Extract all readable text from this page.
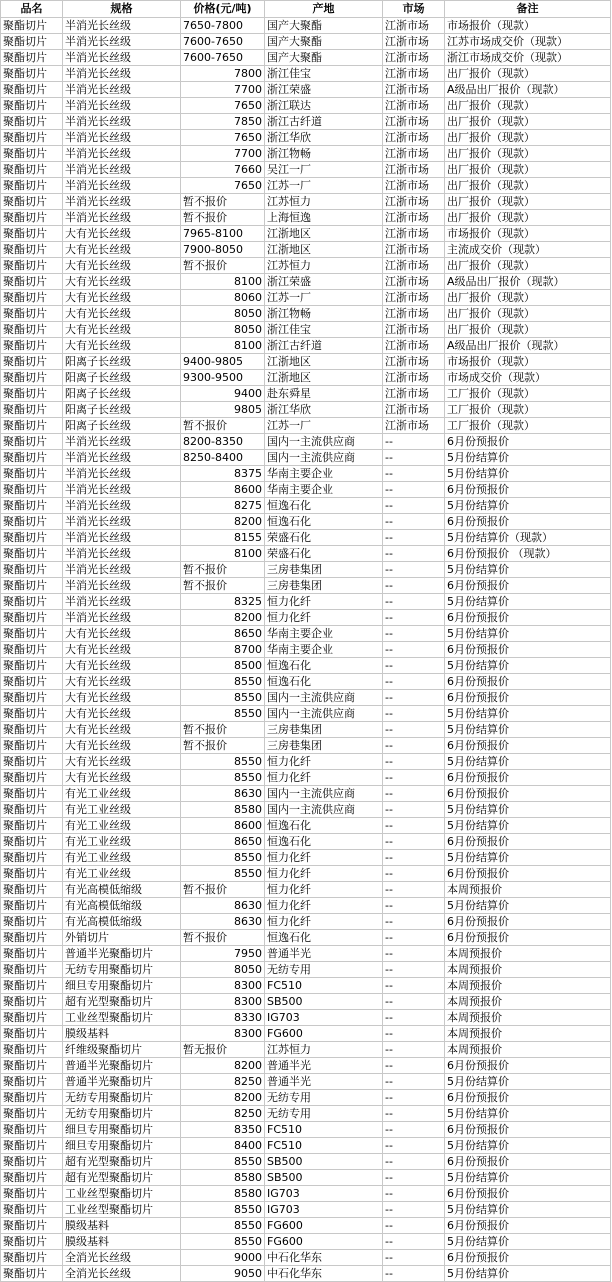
品名	规格	价格(元/吨)	产地	市场	备注
聚酯切片	半消光长丝级	7650-7800	国产大聚酯	江浙市场	市场报价（现款）
聚酯切片	半消光长丝级	7600-7650	国产大聚酯	江浙市场	江苏市场成交价（现款）
聚酯切片	半消光长丝级	7600-7650	国产大聚酯	江浙市场	浙江市场成交价（现款）
聚酯切片	半消光长丝级	7800	浙江佳宝	江浙市场	出厂报价（现款）
聚酯切片	半消光长丝级	7700	浙江荣盛	江浙市场	A级品出厂报价（现款）
聚酯切片	半消光长丝级	7650	浙江联达	江浙市场	出厂报价（现款）
聚酯切片	半消光长丝级	7850	浙江古纤道	江浙市场	出厂报价（现款）
聚酯切片	半消光长丝级	7650	浙江华欣	江浙市场	出厂报价（现款）
聚酯切片	半消光长丝级	7700	浙江物畅	江浙市场	出厂报价（现款）
聚酯切片	半消光长丝级	7660	吴江一厂	江浙市场	出厂报价（现款）
聚酯切片	半消光长丝级	7650	江苏一厂	江浙市场	出厂报价（现款）
聚酯切片	半消光长丝级	暂不报价	江苏恒力	江浙市场	出厂报价（现款）
聚酯切片	半消光长丝级	暂不报价	上海恒逸	江浙市场	出厂报价（现款）
聚酯切片	大有光长丝级	7965-8100	江浙地区	江浙市场	市场报价（现款）
聚酯切片	大有光长丝级	7900-8050	江浙地区	江浙市场	主流成交价（现款）
聚酯切片	大有光长丝级	暂不报价	江苏恒力	江浙市场	出厂报价（现款）
聚酯切片	大有光长丝级	8100	浙江荣盛	江浙市场	A级品出厂报价（现款）
聚酯切片	大有光长丝级	8060	江苏一厂	江浙市场	出厂报价（现款）
聚酯切片	大有光长丝级	8050	浙江物畅	江浙市场	出厂报价（现款）
聚酯切片	大有光长丝级	8050	浙江佳宝	江浙市场	出厂报价（现款）
聚酯切片	大有光长丝级	8100	浙江古纤道	江浙市场	A级品出厂报价（现款）
聚酯切片	阳离子长丝级	9400-9805	江浙地区	江浙市场	市场报价（现款）
聚酯切片	阳离子长丝级	9300-9500	江浙地区	江浙市场	市场成交价（现款）
聚酯切片	阳离子长丝级	9400	赴东舜星	江浙市场	工厂报价（现款）
聚酯切片	阳离子长丝级	9805	浙江华欣	江浙市场	工厂报价（现款）
聚酯切片	阳离子长丝级	暂不报价	江苏一厂	江浙市场	工厂报价（现款）
聚酯切片	半消光长丝级	8200-8350	国内一主流供应商	--	6月份预报价
聚酯切片	半消光长丝级	8250-8400	国内一主流供应商	--	5月份结算价
聚酯切片	半消光长丝级	8375	华南主要企业	--	5月份结算价
聚酯切片	半消光长丝级	8600	华南主要企业	--	6月份预报价
聚酯切片	半消光长丝级	8275	恒逸石化	--	5月份结算价
聚酯切片	半消光长丝级	8200	恒逸石化	--	6月份预报价
聚酯切片	半消光长丝级	8155	荣盛石化	--	5月份结算价（现款）
聚酯切片	半消光长丝级	8100	荣盛石化	--	6月份预报价 （现款）
聚酯切片	半消光长丝级	暂不报价	三房巷集团	--	5月份结算价
聚酯切片	半消光长丝级	暂不报价	三房巷集团	--	6月份预报价
聚酯切片	半消光长丝级	8325	恒力化纤	--	5月份结算价
聚酯切片	半消光长丝级	8200	恒力化纤	--	6月份预报价
聚酯切片	大有光长丝级	8650	华南主要企业	--	5月份结算价
聚酯切片	大有光长丝级	8700	华南主要企业	--	6月份预报价
聚酯切片	大有光长丝级	8500	恒逸石化	--	5月份结算价
聚酯切片	大有光长丝级	8550	恒逸石化	--	6月份预报价
聚酯切片	大有光长丝级	8550	国内一主流供应商	--	6月份预报价
聚酯切片	大有光长丝级	8550	国内一主流供应商	--	5月份结算价
聚酯切片	大有光长丝级	暂不报价	三房巷集团	--	5月份结算价
聚酯切片	大有光长丝级	暂不报价	三房巷集团	--	6月份预报价
聚酯切片	大有光长丝级	8550	恒力化纤	--	5月份结算价
聚酯切片	大有光长丝级	8550	恒力化纤	--	6月份预报价
聚酯切片	有光工业丝级	8630	国内一主流供应商	--	6月份预报价
聚酯切片	有光工业丝级	8580	国内一主流供应商	--	5月份结算价
聚酯切片	有光工业丝级	8600	恒逸石化	--	5月份结算价
聚酯切片	有光工业丝级	8650	恒逸石化	--	6月份预报价
聚酯切片	有光工业丝级	8550	恒力化纤	--	5月份结算价
聚酯切片	有光工业丝级	8550	恒力化纤	--	6月份预报价
聚酯切片	有光高模低缩级	暂不报价	恒力化纤	--	本周预报价
聚酯切片	有光高模低缩级	8630	恒力化纤	--	5月份结算价
聚酯切片	有光高模低缩级	8630	恒力化纤	--	6月份预报价
聚酯切片	外销切片	暂不报价	恒逸石化	--	6月份预报价
聚酯切片	普通半光聚酯切片	7950	普通半光	--	本周预报价
聚酯切片	无纺专用聚酯切片	8050	无纺专用	--	本周预报价
聚酯切片	细旦专用聚酯切片	8300	FC510	--	本周预报价
聚酯切片	超有光型聚酯切片	8300	SB500	--	本周预报价
聚酯切片	工业丝型聚酯切片	8330	IG703	--	本周预报价
聚酯切片	膜级基料	8300	FG600	--	本周预报价
聚酯切片	纤维级聚酯切片	暂无报价	江苏恒力	--	本周预报价
聚酯切片	普通半光聚酯切片	8200	普通半光	--	6月份预报价
聚酯切片	普通半光聚酯切片	8250	普通半光	--	5月份结算价
聚酯切片	无纺专用聚酯切片	8200	无纺专用	--	6月份预报价
聚酯切片	无纺专用聚酯切片	8250	无纺专用	--	5月份结算价
聚酯切片	细旦专用聚酯切片	8350	FC510	--	6月份预报价
聚酯切片	细旦专用聚酯切片	8400	FC510	--	5月份结算价
聚酯切片	超有光型聚酯切片	8550	SB500	--	6月份预报价
聚酯切片	超有光型聚酯切片	8580	SB500	--	5月份结算价
聚酯切片	工业丝型聚酯切片	8580	IG703	--	6月份预报价
聚酯切片	工业丝型聚酯切片	8550	IG703	--	5月份结算价
聚酯切片	膜级基料	8550	FG600	--	6月份预报价
聚酯切片	膜级基料	8550	FG600	--	5月份结算价
聚酯切片	全消光长丝级	9000	中石化华东	--	6月份预报价
聚酯切片	全消光长丝级	9050	中石化华东	--	5月份结算价
